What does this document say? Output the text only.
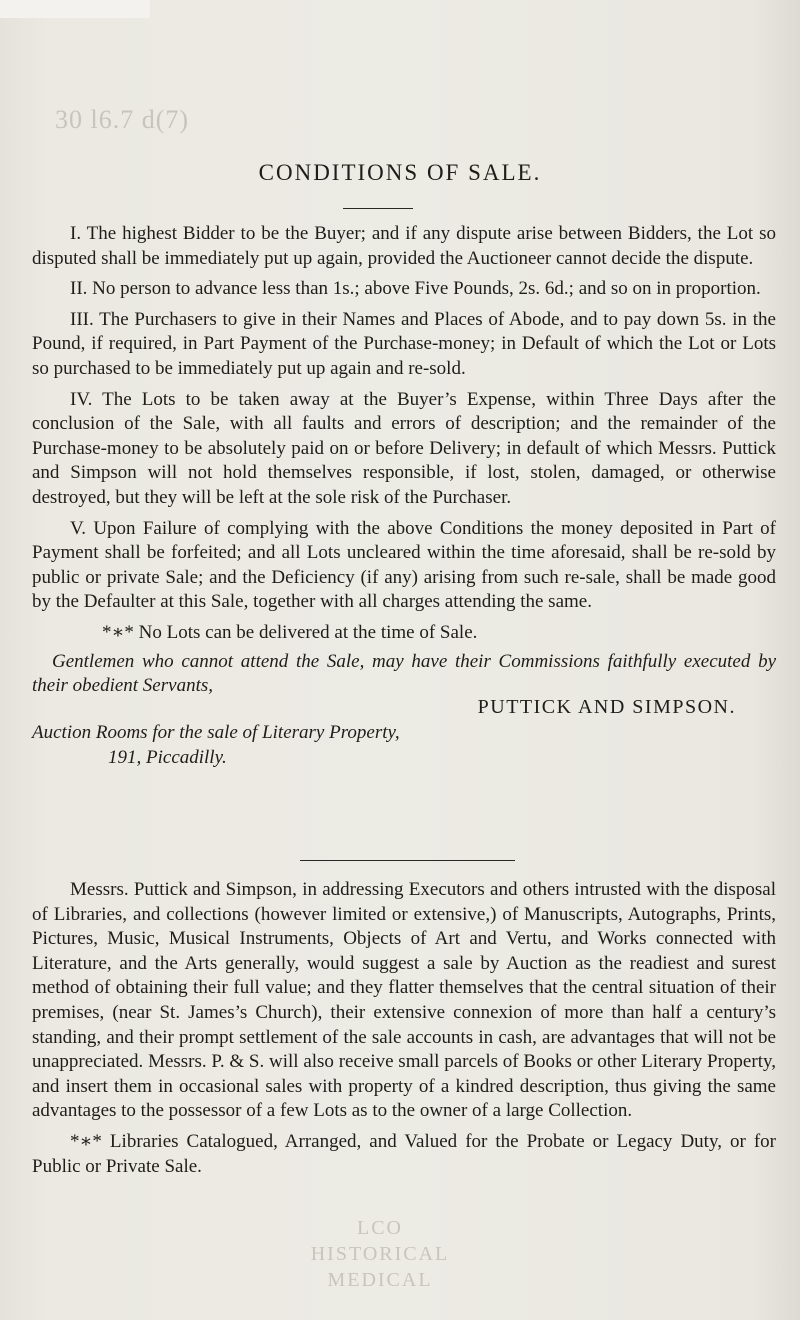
30 l6.7 d(7)
CONDITIONS OF SALE.

I. The highest Bidder to be the Buyer; and if any dispute arise between Bidders, the Lot so disputed shall be immediately put up again, provided the Auctioneer cannot decide the dispute.

II. No person to advance less than 1s.; above Five Pounds, 2s. 6d.; and so on in proportion.

III. The Purchasers to give in their Names and Places of Abode, and to pay down 5s. in the Pound, if required, in Part Payment of the Purchase-money; in Default of which the Lot or Lots so purchased to be immediately put up again and re-sold.

IV. The Lots to be taken away at the Buyer’s Expense, within Three Days after the conclusion of the Sale, with all faults and errors of description; and the remainder of the Purchase-money to be absolutely paid on or before Delivery; in default of which Messrs. Puttick and Simpson will not hold themselves responsible, if lost, stolen, damaged, or otherwise destroyed, but they will be left at the sole risk of the Purchaser.

V. Upon Failure of complying with the above Conditions the money deposited in Part of Payment shall be forfeited; and all Lots uncleared within the time aforesaid, shall be re-sold by public or private Sale; and the Deficiency (if any) arising from such re-sale, shall be made good by the Defaulter at this Sale, together with all charges attending the same.

*∗* No Lots can be delivered at the time of Sale.

Gentlemen who cannot attend the Sale, may have their Commissions faithfully executed by their obedient Servants,

PUTTICK AND SIMPSON.

Auction Rooms for the sale of Literary Property,

191, Piccadilly.

Messrs. Puttick and Simpson, in addressing Executors and others intrusted with the disposal of Libraries, and collections (however limited or extensive,) of Manuscripts, Autographs, Prints, Pictures, Music, Musical Instruments, Objects of Art and Vertu, and Works connected with Literature, and the Arts generally, would suggest a sale by Auction as the readiest and surest method of obtaining their full value; and they flatter themselves that the central situation of their premises, (near St. James’s Church), their extensive connexion of more than half a century’s standing, and their prompt settlement of the sale accounts in cash, are advantages that will not be unappreciated. Messrs. P. & S. will also receive small parcels of Books or other Literary Property, and insert them in occasional sales with property of a kindred description, thus giving the same advantages to the possessor of a few Lots as to the owner of a large Collection.

*∗* Libraries Catalogued, Arranged, and Valued for the Probate or Legacy Duty, or for Public or Private Sale.

LCO
HISTORICAL
MEDICAL
